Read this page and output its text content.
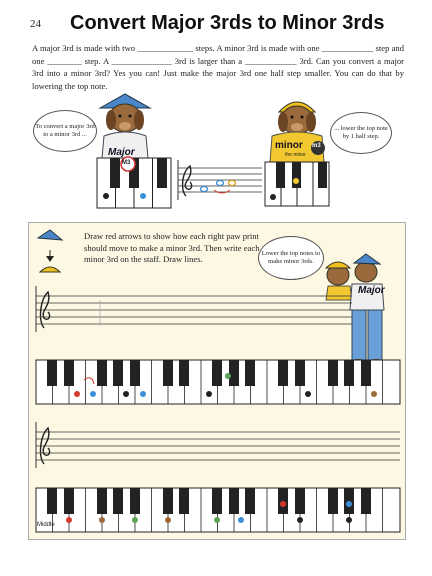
24 Convert Major 3rds to Minor 3rds
A major 3rd is made with two _____________ steps. A minor 3rd is made with one ____________ step and one ________ step. A ______________ 3rd is larger than a ____________ 3rd. Can you convert a major 3rd into a minor 3rd? Yes you can! Just make the major 3rd one half step smaller. You can do that by lowering the top note.
To convert a major 3rd to a minor 3rd ...
... lower the top note by 1 half step.
M3
Major
minor
the minor
m3
Draw red arrows to show how each right paw print should move to make a minor 3rd. Then write each minor 3rd on the staff. Draw lines.
Lower the top notes to make minor 3rds.
Major
Middle
